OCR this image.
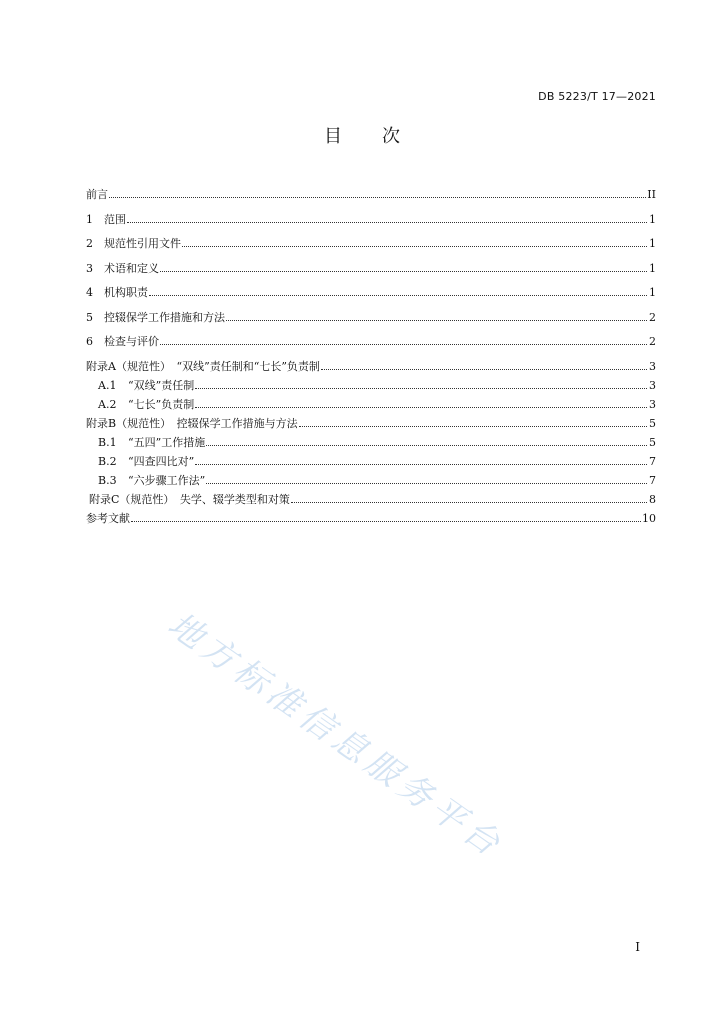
DB 5223/T 17—2021
目 次
前言	II
1	范围	1
2	规范性引用文件	1
3	术语和定义	1
4	机构职责	1
5	控辍保学工作措施和方法	2
6	检查与评价	2
附录A（规范性）　“双线”责任制和“七长”负责制	3
A.1	“双线”责任制	3
A.2	“七长”负责制	3
附录B（规范性）　控辍保学工作措施与方法	5
B.1	“五四”工作措施	5
B.2	“四查四比对”	7
B.3	“六步骤工作法”	7
附录C（规范性）　失学、辍学类型和对策	8
参考文献	10
地方标准信息服务平台
I
